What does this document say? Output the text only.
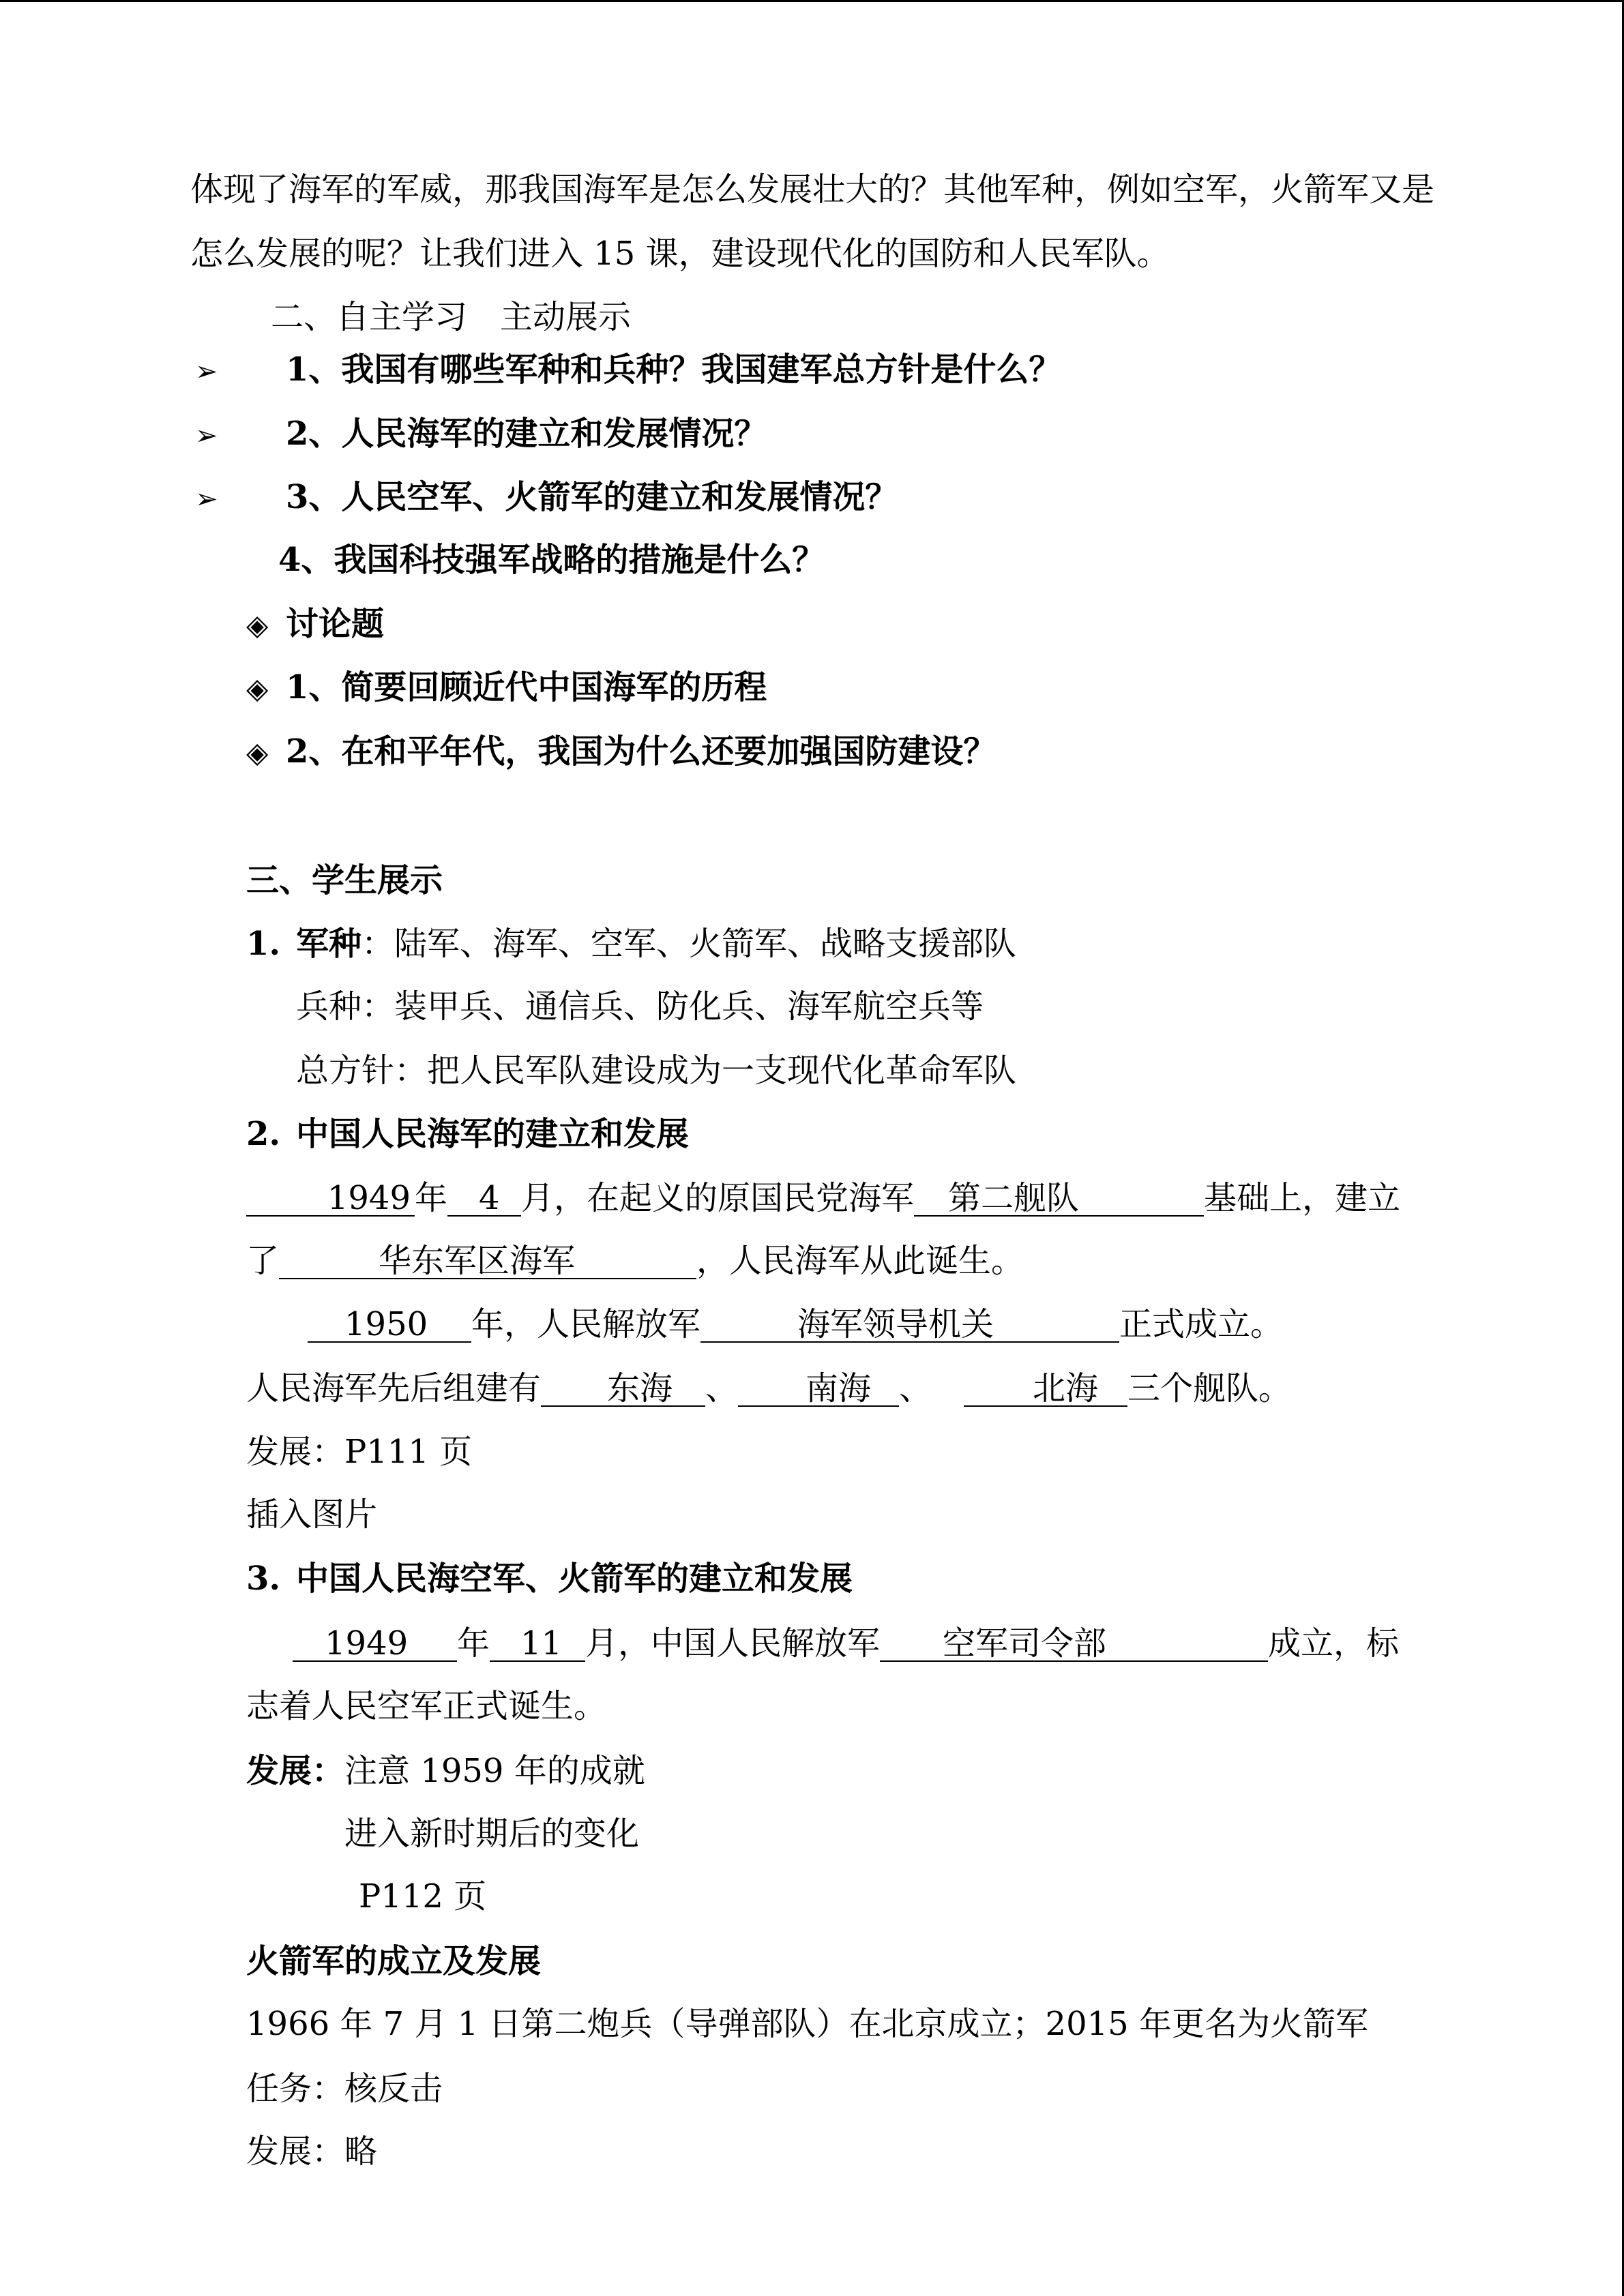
体现了海军的军威，那我国海军是怎么发展壮大的？其他军种，例如空军，火箭军又是
怎么发展的呢？让我们进入 15 课，建设现代化的国防和人民军队。
二、自主学习　主动展示
➢ 1、我国有哪些军种和兵种？我国建军总方针是什么？
➢ 2、人民海军的建立和发展情况？
➢ 3、人民空军、火箭军的建立和发展情况？
4、我国科技强军战略的措施是什么？
◈ 讨论题
◈ 1、简要回顾近代中国海军的历程
◈ 2、在和平年代，我国为什么还要加强国防建设？
三、学生展示
1. 军种：陆军、海军、空军、火箭军、战略支援部队
兵种：装甲兵、通信兵、防化兵、海军航空兵等
总方针：把人民军队建设成为一支现代化革命军队
2. 中国人民海军的建立和发展
1949 年 4 月，在起义的原国民党海军 第二舰队	基础上，建立
了	华东军区海军	，人民海军从此诞生。
1950 年，人民解放军	海军领导机关	正式成立。
人民海军先后组建有 东海 、 南海 、	北海 三个舰队。
发展：P111 页
插入图片
3. 中国人民海空军、火箭军的建立和发展
1949 年 11 月，中国人民解放军 空军司令部	成立，标
志着人民空军正式诞生。
发展：注意 1959 年的成就
进入新时期后的变化
P112 页
火箭军的成立及发展
1966 年 7 月 1 日第二炮兵（导弹部队）在北京成立；2015 年更名为火箭军
任务：核反击
发展：略
